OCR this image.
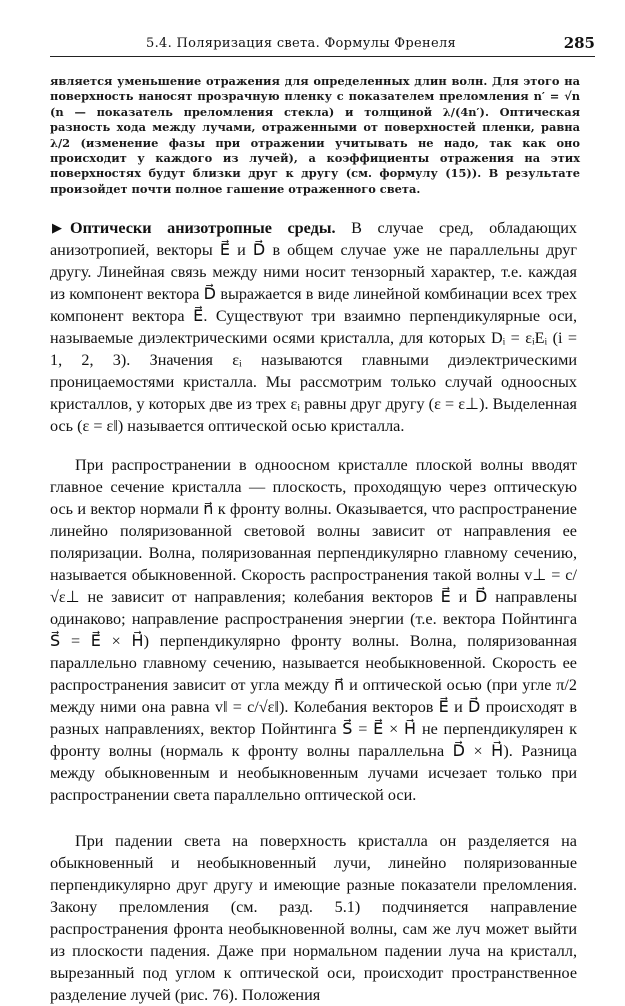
5.4. Поляризация света. Формулы Френеля	285

является уменьшение отражения для определенных длин волн. Для этого на поверхность наносят прозрачную пленку с показателем преломления n′ = √n (n — показатель преломления стекла) и толщиной λ/(4n′). Оптическая разность хода между лучами, отраженными от поверхностей пленки, равна λ/2 (изменение фазы при отражении учитывать не надо, так как оно происходит у каждого из лучей), а коэффициенты отражения на этих поверхностях будут близки друг к другу (см. формулу (15)). В результате произойдет почти полное гашение отраженного света.

▶ Оптически анизотропные среды. В случае сред, обладающих анизотропией, векторы E⃗ и D⃗ в общем случае уже не параллельны друг другу. Линейная связь между ними носит тензорный характер, т.е. каждая из компонент вектора D⃗ выражается в виде линейной комбинации всех трех компонент вектора E⃗. Существуют три взаимно перпендикулярные оси, называемые диэлектрическими осями кристалла, для которых Dᵢ = εᵢEᵢ (i = 1, 2, 3). Значения εᵢ называются главными диэлектрическими проницаемостями кристалла. Мы рассмотрим только случай одноосных кристаллов, у которых две из трех εᵢ равны друг другу (ε = ε⊥). Выделенная ось (ε = ε‖) называется оптической осью кристалла.

При распространении в одноосном кристалле плоской волны вводят главное сечение кристалла — плоскость, проходящую через оптическую ось и вектор нормали n⃗ к фронту волны. Оказывается, что распространение линейно поляризованной световой волны зависит от направления ее поляризации. Волна, поляризованная перпендикулярно главному сечению, называется обыкновенной. Скорость распространения такой волны v⊥ = c/√ε⊥ не зависит от направления; колебания векторов E⃗ и D⃗ направлены одинаково; направление распространения энергии (т.е. вектора Пойнтинга S⃗ = E⃗ × H⃗) перпендикулярно фронту волны. Волна, поляризованная параллельно главному сечению, называется необыкновенной. Скорость ее распространения зависит от угла между n⃗ и оптической осью (при угле π/2 между ними она равна v‖ = c/√ε‖). Колебания векторов E⃗ и D⃗ происходят в разных направлениях, вектор Пойнтинга S⃗ = E⃗ × H⃗ не перпендикулярен к фронту волны (нормаль к фронту волны параллельна D⃗ × H⃗). Разница между обыкновенным и необыкновенным лучами исчезает только при распространении света параллельно оптической оси.

При падении света на поверхность кристалла он разделяется на обыкновенный и необыкновенный лучи, линейно поляризованные перпендикулярно друг другу и имеющие разные показатели преломления. Закону преломления (см. разд. 5.1) подчиняется направление распространения фронта необыкновенной волны, сам же луч может выйти из плоскости падения. Даже при нормальном падении луча на кристалл, вырезанный под углом к оптической оси, происходит пространственное разделение лучей (рис. 76). Положения
